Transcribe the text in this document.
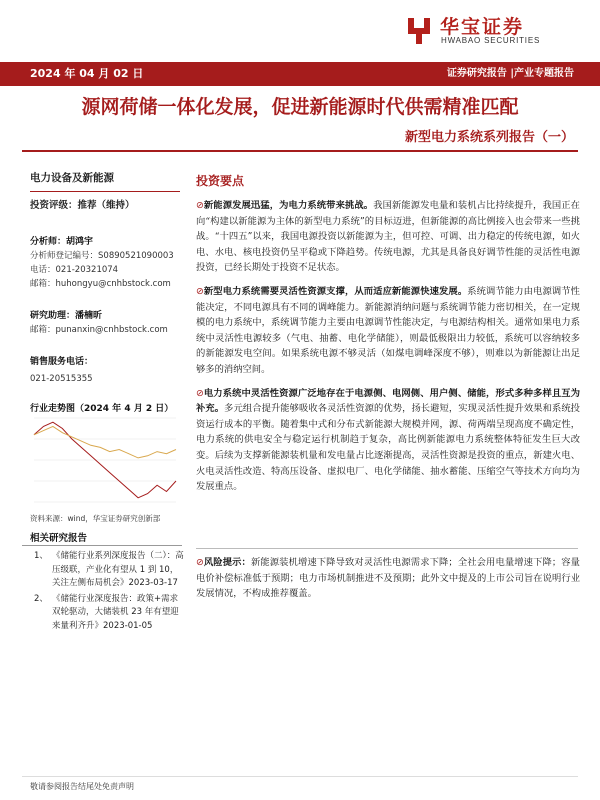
华宝证券
HWABAO SECURITIES
2024 年 04 月 02 日	证券研究报告 |产业专题报告
源网荷储一体化发展，促进新能源时代供需精准匹配
新型电力系统系列报告（一）
电力设备及新能源
投资评级：推荐（维持）
分析师：胡鸿宇
分析师登记编号：S0890521090003
电话：021-20321074
邮箱：huhongyu@cnhbstock.com
研究助理：潘楠昕
邮箱：punanxin@cnhbstock.com
销售服务电话：
021-20515355
行业走势图（2024 年 4 月 2 日）
资料来源：wind，华宝证券研究创新部
相关研究报告
1、 《储能行业系列深度报告（二）：高压级联，产业化有望从 1 到 10，关注左侧布局机会》2023-03-17
2、 《储能行业深度报告：政策+需求双轮驱动，大储装机 23 年有望迎来量利齐升》2023-01-05
投资要点
⊘新能源发展迅猛，为电力系统带来挑战。我国新能源发电量和装机占比持续提升，我国正在向“构建以新能源为主体的新型电力系统”的目标迈进，但新能源的高比例接入也会带来一些挑战。“十四五”以来，我国电源投资以新能源为主，但可控、可调、出力稳定的传统电源，如火电、水电、核电投资仍呈平稳或下降趋势。传统电源，尤其是具备良好调节性能的灵活性电源投资，已经长期处于投资不足状态。
⊘新型电力系统需要灵活性资源支撑，从而适应新能源快速发展。系统调节能力由电源调节性能决定，不同电源具有不同的调峰能力。新能源消纳问题与系统调节能力密切相关，在一定规模的电力系统中，系统调节能力主要由电源调节性能决定，与电源结构相关。通常如果电力系统中灵活性电源较多（气电、抽蓄、电化学储能），则最低极限出力较低，系统可以容纳较多的新能源发电空间。如果系统电源不够灵活（如煤电调峰深度不够），则难以为新能源让出足够多的消纳空间。
⊘电力系统中灵活性资源广泛地存在于电源侧、电网侧、用户侧、储能，形式多种多样且互为补充。多元组合提升能够吸收各灵活性资源的优势，扬长避短，实现灵活性提升效果和系统投资运行成本的平衡。随着集中式和分布式新能源大规模并网，源、荷两端呈现高度不确定性，电力系统的供电安全与稳定运行机制趋于复杂，高比例新能源电力系统整体特征发生巨大改变。后续为支撑新能源装机量和发电量占比逐渐提高，灵活性资源是投资的重点，新建火电、火电灵活性改造、特高压设备、虚拟电厂、电化学储能、抽水蓄能、压缩空气等技术方向均为发展重点。
⊘风险提示：新能源装机增速下降导致对灵活性电源需求下降；全社会用电量增速下降；容量电价补偿标准低于预期；电力市场机制推进不及预期；此外文中提及的上市公司旨在说明行业发展情况，不构成推荐覆盖。
敬请参阅报告结尾处免责声明
